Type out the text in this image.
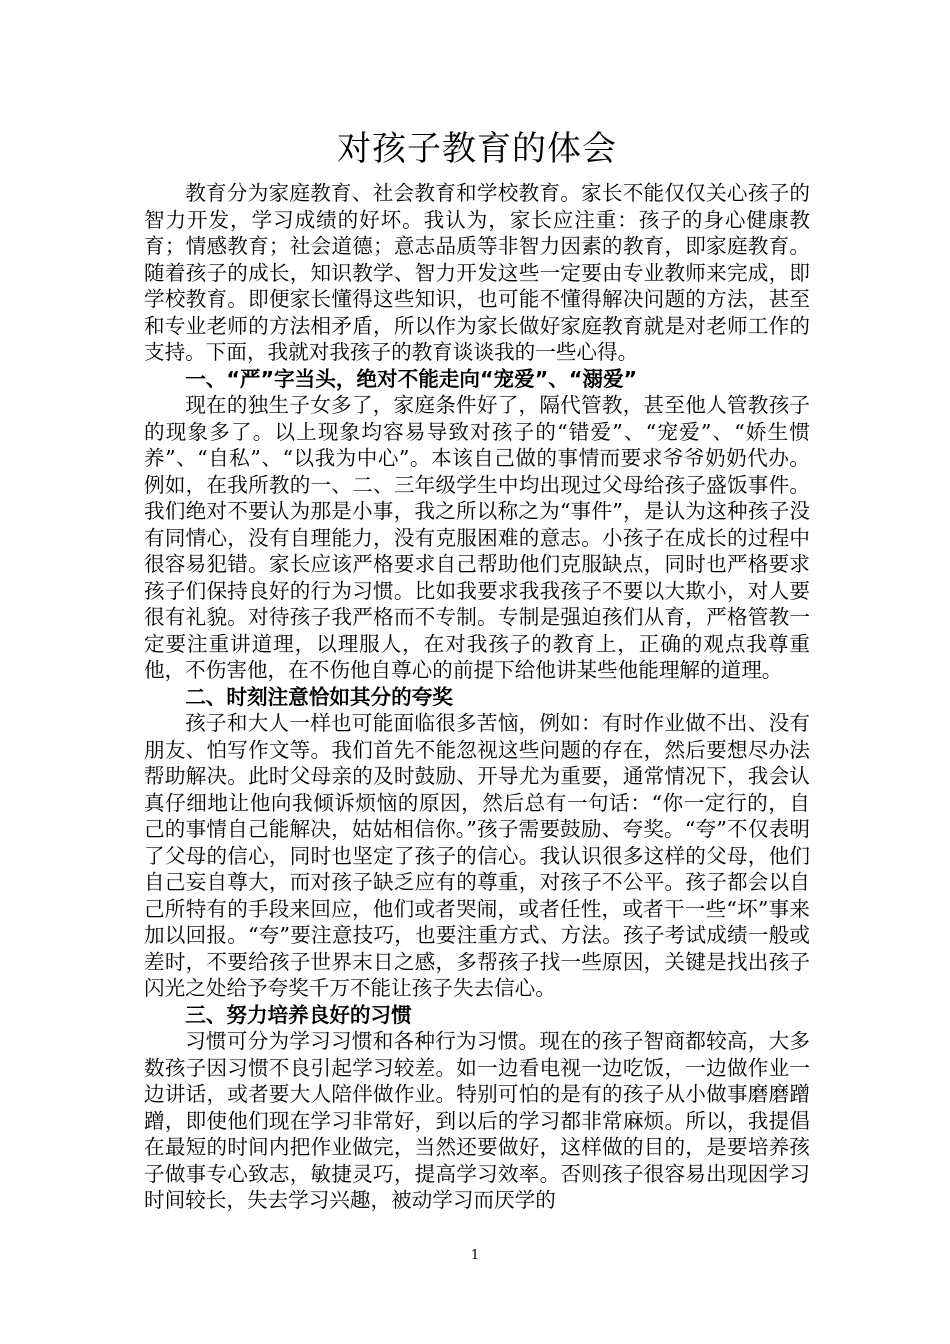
对孩子教育的体会

教育分为家庭教育、社会教育和学校教育。家长不能仅仅关心孩子的智力开发，学习成绩的好坏。我认为，家长应注重：孩子的身心健康教育；情感教育；社会道德；意志品质等非智力因素的教育，即家庭教育。随着孩子的成长，知识教学、智力开发这些一定要由专业教师来完成，即学校教育。即便家长懂得这些知识，也可能不懂得解决问题的方法，甚至和专业老师的方法相矛盾，所以作为家长做好家庭教育就是对老师工作的支持。下面，我就对我孩子的教育谈谈我的一些心得。

一、“严”字当头，绝对不能走向“宠爱”、“溺爱”

现在的独生子女多了，家庭条件好了，隔代管教，甚至他人管教孩子的现象多了。以上现象均容易导致对孩子的“错爱”、“宠爱”、“娇生惯养”、“自私”、“以我为中心”。本该自己做的事情而要求爷爷奶奶代办。例如，在我所教的一、二、三年级学生中均出现过父母给孩子盛饭事件。我们绝对不要认为那是小事，我之所以称之为“事件”，是认为这种孩子没有同情心，没有自理能力，没有克服困难的意志。小孩子在成长的过程中很容易犯错。家长应该严格要求自己帮助他们克服缺点，同时也严格要求孩子们保持良好的行为习惯。比如我要求我我孩子不要以大欺小，对人要很有礼貌。对待孩子我严格而不专制。专制是强迫孩们从育，严格管教一定要注重讲道理，以理服人，在对我孩子的教育上，正确的观点我尊重他，不伤害他，在不伤他自尊心的前提下给他讲某些他能理解的道理。

二、时刻注意恰如其分的夸奖

孩子和大人一样也可能面临很多苦恼，例如：有时作业做不出、没有朋友、怕写作文等。我们首先不能忽视这些问题的存在，然后要想尽办法帮助解决。此时父母亲的及时鼓励、开导尤为重要，通常情况下，我会认真仔细地让他向我倾诉烦恼的原因，然后总有一句话：“你一定行的，自己的事情自己能解决，姑姑相信你。”孩子需要鼓励、夸奖。“夸”不仅表明了父母的信心，同时也坚定了孩子的信心。我认识很多这样的父母，他们自己妄自尊大，而对孩子缺乏应有的尊重，对孩子不公平。孩子都会以自己所特有的手段来回应，他们或者哭闹，或者任性，或者干一些“坏”事来加以回报。“夸”要注意技巧，也要注重方式、方法。孩子考试成绩一般或差时，不要给孩子世界末日之感，多帮孩子找一些原因，关键是找出孩子闪光之处给予夸奖千万不能让孩子失去信心。

三、努力培养良好的习惯

习惯可分为学习习惯和各种行为习惯。现在的孩子智商都较高，大多数孩子因习惯不良引起学习较差。如一边看电视一边吃饭，一边做作业一边讲话，或者要大人陪伴做作业。特别可怕的是有的孩子从小做事磨磨蹭蹭，即使他们现在学习非常好，到以后的学习都非常麻烦。所以，我提倡在最短的时间内把作业做完，当然还要做好，这样做的目的，是要培养孩子做事专心致志，敏捷灵巧，提高学习效率。否则孩子很容易出现因学习时间较长，失去学习兴趣，被动学习而厌学的

1
